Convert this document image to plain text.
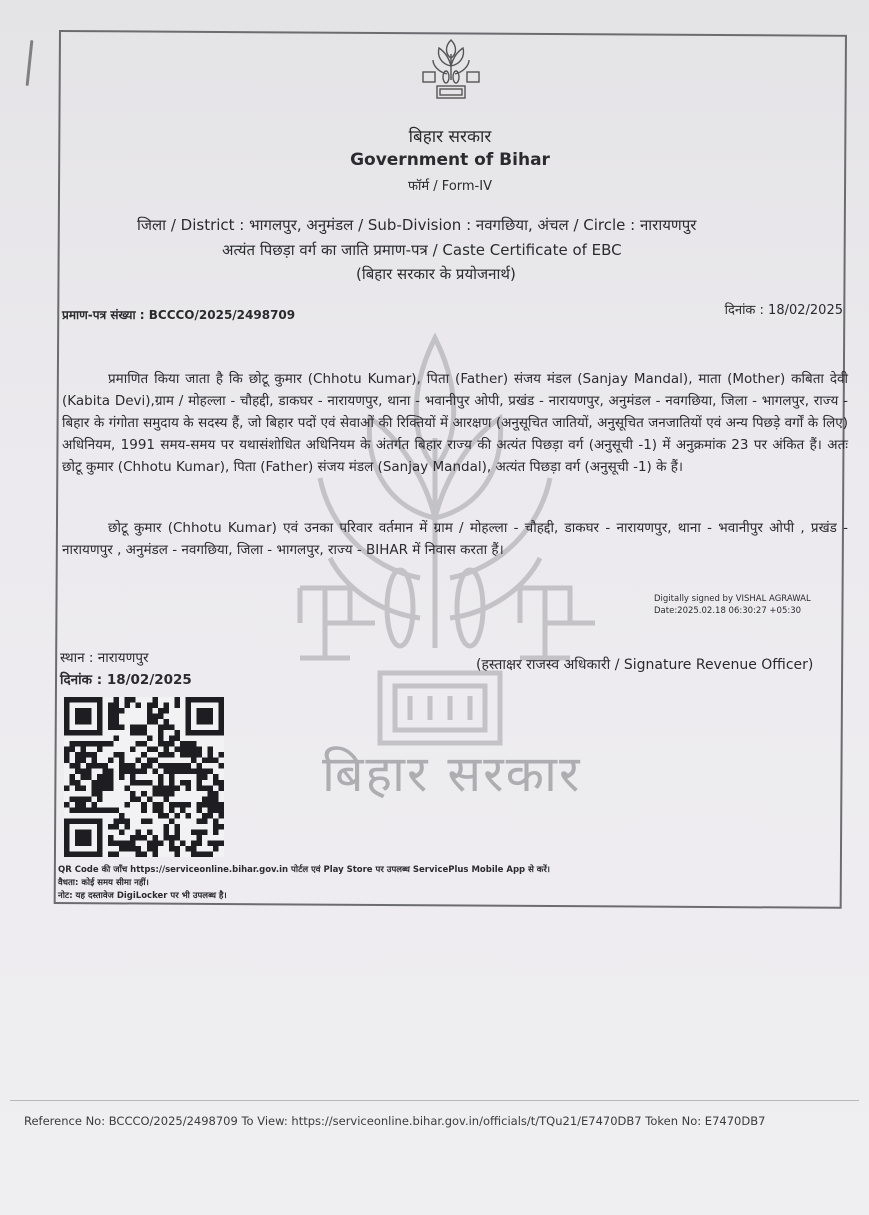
बिहार सरकार
बिहार सरकार
Government of Bihar
फॉर्म / Form-IV
जिला / District : भागलपुर, अनुमंडल / Sub-Division : नवगछिया, अंचल / Circle : नारायणपुर
अत्यंत पिछड़ा वर्ग का जाति प्रमाण-पत्र / Caste Certificate of EBC
(बिहार सरकार के प्रयोजनार्थ)
प्रमाण-पत्र संख्या : BCCCO/2025/2498709	दिनांक : 18/02/2025
प्रमाणित किया जाता है कि छोटू कुमार (Chhotu Kumar), पिता (Father) संजय मंडल (Sanjay Mandal), माता (Mother) कबिता देवी (Kabita Devi),ग्राम / मोहल्ला - चौहद्दी, डाकघर - नारायणपुर, थाना - भवानीपुर ओपी, प्रखंड - नारायणपुर, अनुमंडल - नवगछिया, जिला - भागलपुर, राज्य - बिहार के गंगोता समुदाय के सदस्य हैं, जो बिहार पदों एवं सेवाओं की रिक्तियों में आरक्षण (अनुसूचित जातियों, अनुसूचित जनजातियों एवं अन्य पिछड़े वर्गों के लिए) अधिनियम, 1991 समय-समय पर यथासंशोधित अधिनियम के अंतर्गत बिहार राज्य की अत्यंत पिछड़ा वर्ग (अनुसूची -1) में अनुक्रमांक 23 पर अंकित हैं। अतः छोटू कुमार (Chhotu Kumar), पिता (Father) संजय मंडल (Sanjay Mandal), अत्यंत पिछड़ा वर्ग (अनुसूची -1) के हैं।
छोटू कुमार (Chhotu Kumar) एवं उनका परिवार वर्तमान में ग्राम / मोहल्ला - चौहद्दी, डाकघर - नारायणपुर, थाना - भवानीपुर ओपी , प्रखंड - नारायणपुर , अनुमंडल - नवगछिया, जिला - भागलपुर, राज्य - BIHAR में निवास करता हैं।
Digitally signed by VISHAL AGRAWAL
Date:2025.02.18 06:30:27 +05:30
स्थान : नारायणपुर
दिनांक : 18/02/2025
(हस्ताक्षर राजस्व अधिकारी / Signature Revenue Officer)
QR Code की जाँच https://serviceonline.bihar.gov.in पोर्टल एवं Play Store पर उपलब्ध ServicePlus Mobile App से करें।
वैधता: कोई समय सीमा नहीं।
नोट: यह दस्तावेज DigiLocker पर भी उपलब्ध है।
Reference No: BCCCO/2025/2498709 To View: https://serviceonline.bihar.gov.in/officials/t/TQu21/E7470DB7 Token No: E7470DB7
